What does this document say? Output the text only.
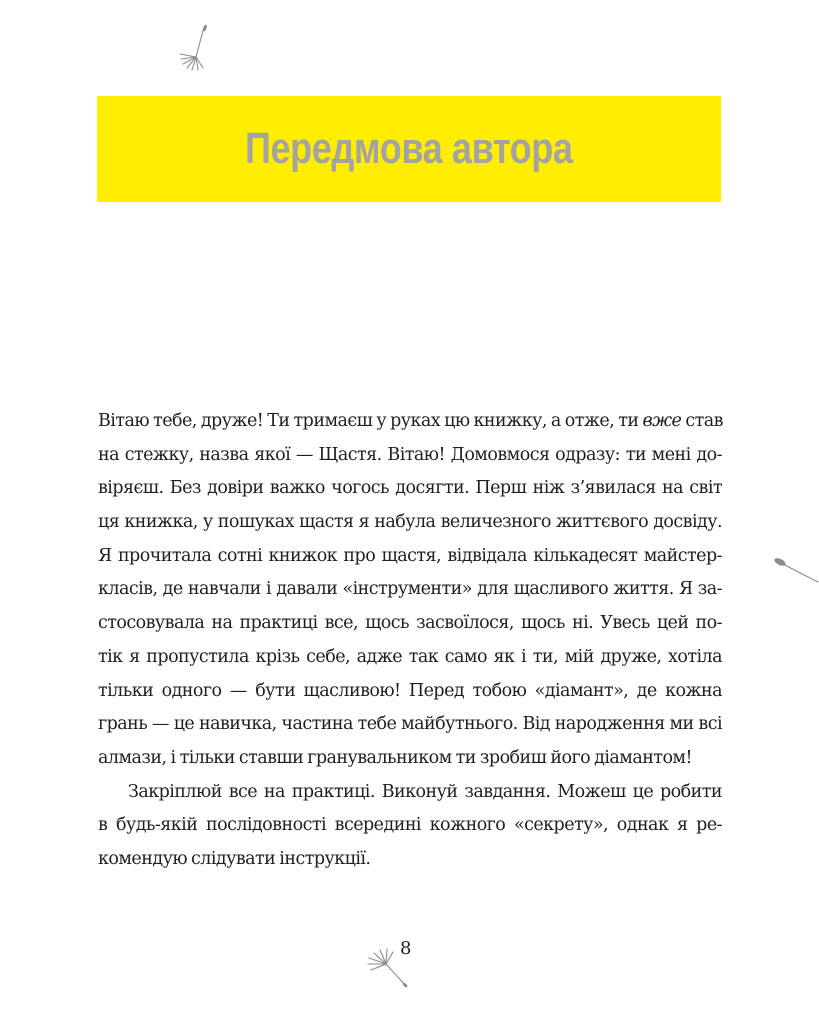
Передмова автора
Вітаю тебе, друже! Ти тримаєш у руках цю книжку, а отже, ти вже став
на стежку, назва якої — Щастя. Вітаю! Домовмося одразу: ти мені до-
віряєш. Без довіри важко чогось досягти. Перш ніж з’явилася на світ
ця книжка, у пошуках щастя я набула величезного життєвого досвіду.
Я прочитала сотні книжок про щастя, відвідала кількадесят майстер-
класів, де навчали і давали «інструменти» для щасливого життя. Я за-
стосовувала на практиці все, щось засвоїлося, щось ні. Увесь цей по-
тік я пропустила крізь себе, адже так само як і ти, мій друже, хотіла
тільки одного — бути щасливою! Перед тобою «діамант», де кожна
грань — це навичка, частина тебе майбутнього. Від народження ми всі
алмази, і тільки ставши гранувальником ти зробиш його діамантом!
Закріплюй все на практиці. Виконуй завдання. Можеш це робити
в будь-якій послідовності всередині кожного «секрету», однак я ре-
комендую слідувати інструкції.
8
